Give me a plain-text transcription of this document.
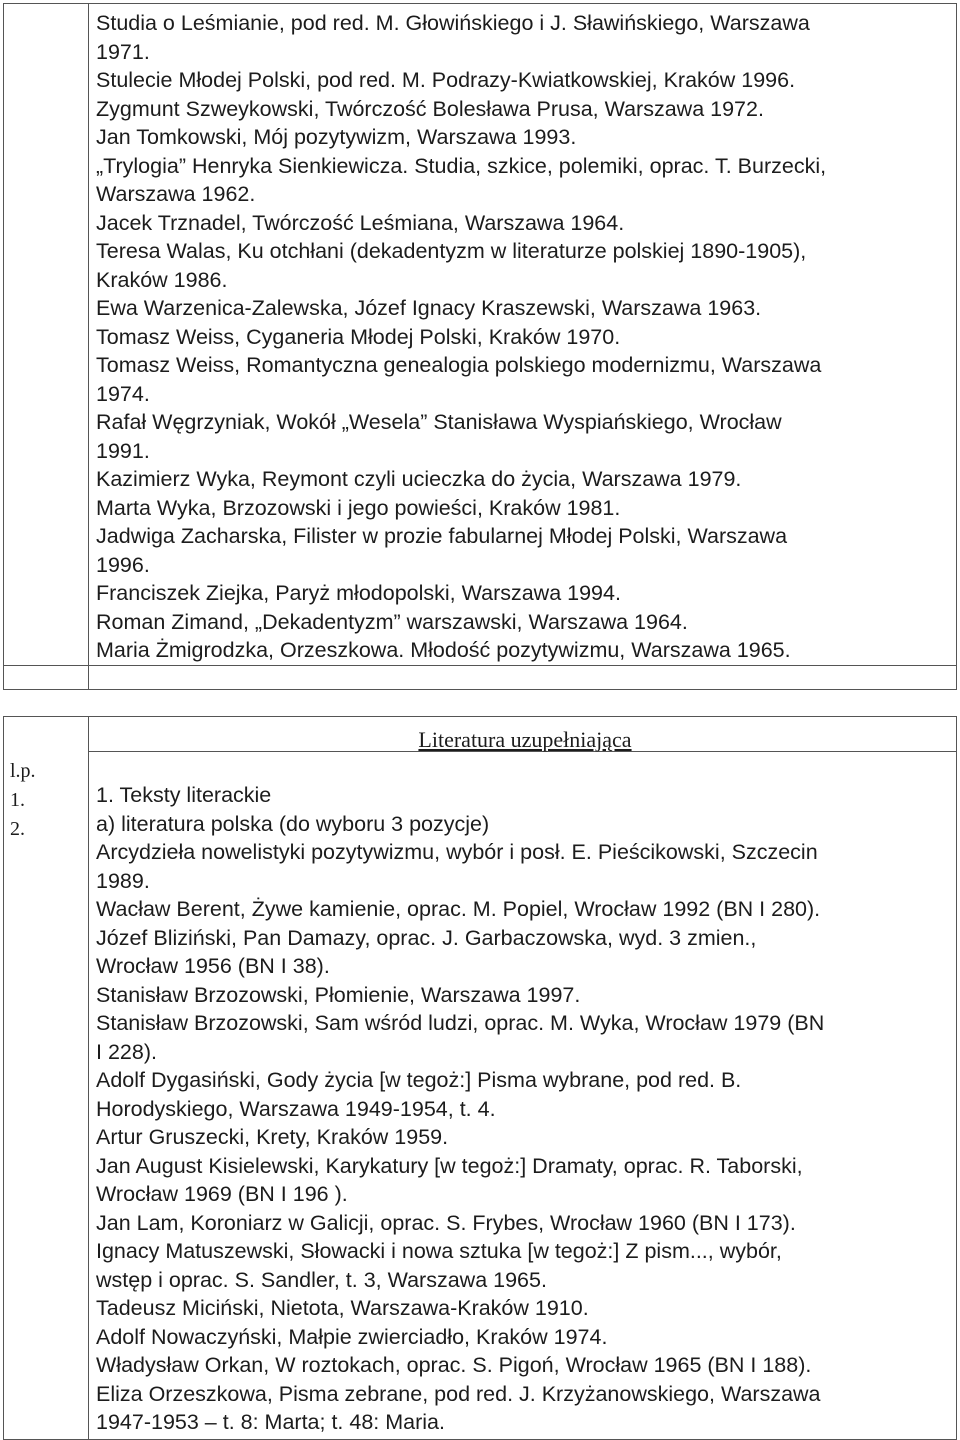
Studia o Leśmianie, pod red. M. Głowińskiego i J. Sławińskiego, Warszawa

1971.

Stulecie Młodej Polski, pod red. M. Podrazy-Kwiatkowskiej, Kraków 1996.

Zygmunt Szweykowski, Twórczość Bolesława Prusa, Warszawa 1972.

Jan Tomkowski, Mój pozytywizm, Warszawa 1993.

„Trylogia” Henryka Sienkiewicza. Studia, szkice, polemiki, oprac. T. Burzecki,

Warszawa 1962.

Jacek Trznadel, Twórczość Leśmiana, Warszawa 1964.

Teresa Walas, Ku otchłani (dekadentyzm w literaturze polskiej 1890-1905),

Kraków 1986.

Ewa Warzenica-Zalewska, Józef Ignacy Kraszewski, Warszawa 1963.

Tomasz Weiss, Cyganeria Młodej Polski, Kraków 1970.

Tomasz Weiss, Romantyczna genealogia polskiego modernizmu, Warszawa

1974.

Rafał Węgrzyniak, Wokół „Wesela” Stanisława Wyspiańskiego, Wrocław

1991.

Kazimierz Wyka, Reymont czyli ucieczka do życia, Warszawa 1979.

Marta Wyka, Brzozowski i jego powieści, Kraków 1981.

Jadwiga Zacharska, Filister w prozie fabularnej Młodej Polski, Warszawa

1996.

Franciszek Ziejka, Paryż młodopolski, Warszawa 1994.

Roman Zimand, „Dekadentyzm” warszawski, Warszawa 1964.

Maria Żmigrodzka, Orzeszkowa. Młodość pozytywizmu, Warszawa 1965.

Literatura uzupełniająca
l.p.
1.
2.

1. Teksty literackie

a) literatura polska (do wyboru 3 pozycje)

Arcydzieła nowelistyki pozytywizmu, wybór i posł. E. Pieścikowski, Szczecin

1989.

Wacław Berent, Żywe kamienie, oprac. M. Popiel, Wrocław 1992 (BN I 280).

Józef Bliziński, Pan Damazy, oprac. J. Garbaczowska, wyd. 3 zmien.,

Wrocław 1956 (BN I 38).

Stanisław Brzozowski, Płomienie, Warszawa 1997.

Stanisław Brzozowski, Sam wśród ludzi, oprac. M. Wyka, Wrocław 1979 (BN

I 228).

Adolf Dygasiński, Gody życia [w tegoż:] Pisma wybrane, pod red. B.

Horodyskiego, Warszawa 1949-1954, t. 4.

Artur Gruszecki, Krety, Kraków 1959.

Jan August Kisielewski, Karykatury [w tegoż:] Dramaty, oprac. R. Taborski,

Wrocław 1969 (BN I 196 ).

Jan Lam, Koroniarz w Galicji, oprac. S. Frybes, Wrocław 1960 (BN I 173).

Ignacy Matuszewski, Słowacki i nowa sztuka [w tegoż:] Z pism..., wybór,

wstęp i oprac. S. Sandler, t. 3, Warszawa 1965.

Tadeusz Miciński, Nietota, Warszawa-Kraków 1910.

Adolf Nowaczyński, Małpie zwierciadło, Kraków 1974.

Władysław Orkan, W roztokach, oprac. S. Pigoń, Wrocław 1965 (BN I 188).

Eliza Orzeszkowa, Pisma zebrane, pod red. J. Krzyżanowskiego, Warszawa

1947-1953 – t. 8: Marta; t. 48: Maria.
